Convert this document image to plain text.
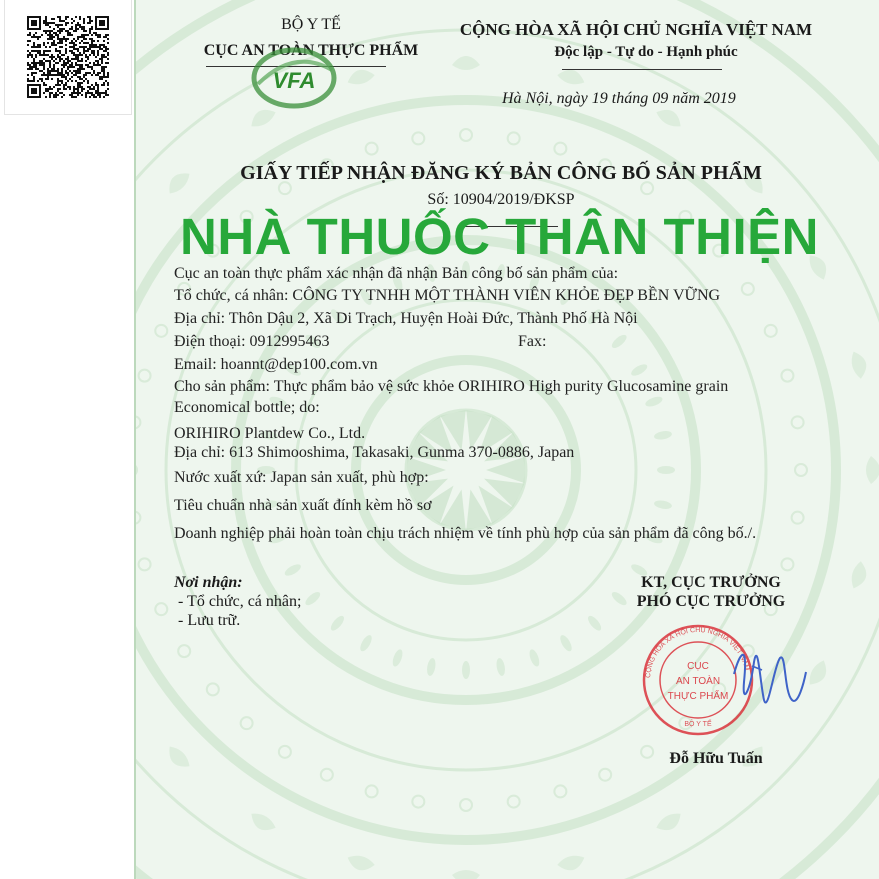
BỘ Y TẾ
CỤC AN TOÀN THỰC PHẨM
VFA
CỘNG HÒA XÃ HỘI CHỦ NGHĨA VIỆT NAM
Độc lập - Tự do - Hạnh phúc
Hà Nội, ngày 19 tháng 09 năm 2019
GIẤY TIẾP NHẬN ĐĂNG KÝ BẢN CÔNG BỐ SẢN PHẨM
Số: 10904/2019/ĐKSP
NHÀ THUỐC THÂN THIỆN
Cục an toàn thực phẩm xác nhận đã nhận Bản công bố sản phẩm của:
Tổ chức, cá nhân: CÔNG TY TNHH MỘT THÀNH VIÊN KHỎE ĐẸP BỀN VỮNG
Địa chỉ: Thôn Dậu 2, Xã Di Trạch, Huyện Hoài Đức, Thành Phố Hà Nội
Điện thoại: 0912995463	Fax:
Email: hoannt@dep100.com.vn
Cho sản phẩm: Thực phẩm bảo vệ sức khỏe ORIHIRO High purity Glucosamine grain
Economical bottle; do:
ORIHIRO Plantdew Co., Ltd.
Địa chỉ: 613 Shimooshima, Takasaki, Gunma 370-0886, Japan
Nước xuất xứ: Japan sản xuất, phù hợp:
Tiêu chuẩn nhà sản xuất đính kèm hồ sơ
Doanh nghiệp phải hoàn toàn chịu trách nhiệm về tính phù hợp của sản phẩm đã công bố./.
Nơi nhận:
- Tổ chức, cá nhân;
- Lưu trữ.
KT, CỤC TRƯỞNG
PHÓ CỤC TRƯỞNG
CỘNG HÒA XÃ HỘI CHỦ NGHĨA VIỆT NAM
CỤC
AN TOÀN
THỰC PHẨM
BỘ Y TẾ
Đỗ Hữu Tuấn
